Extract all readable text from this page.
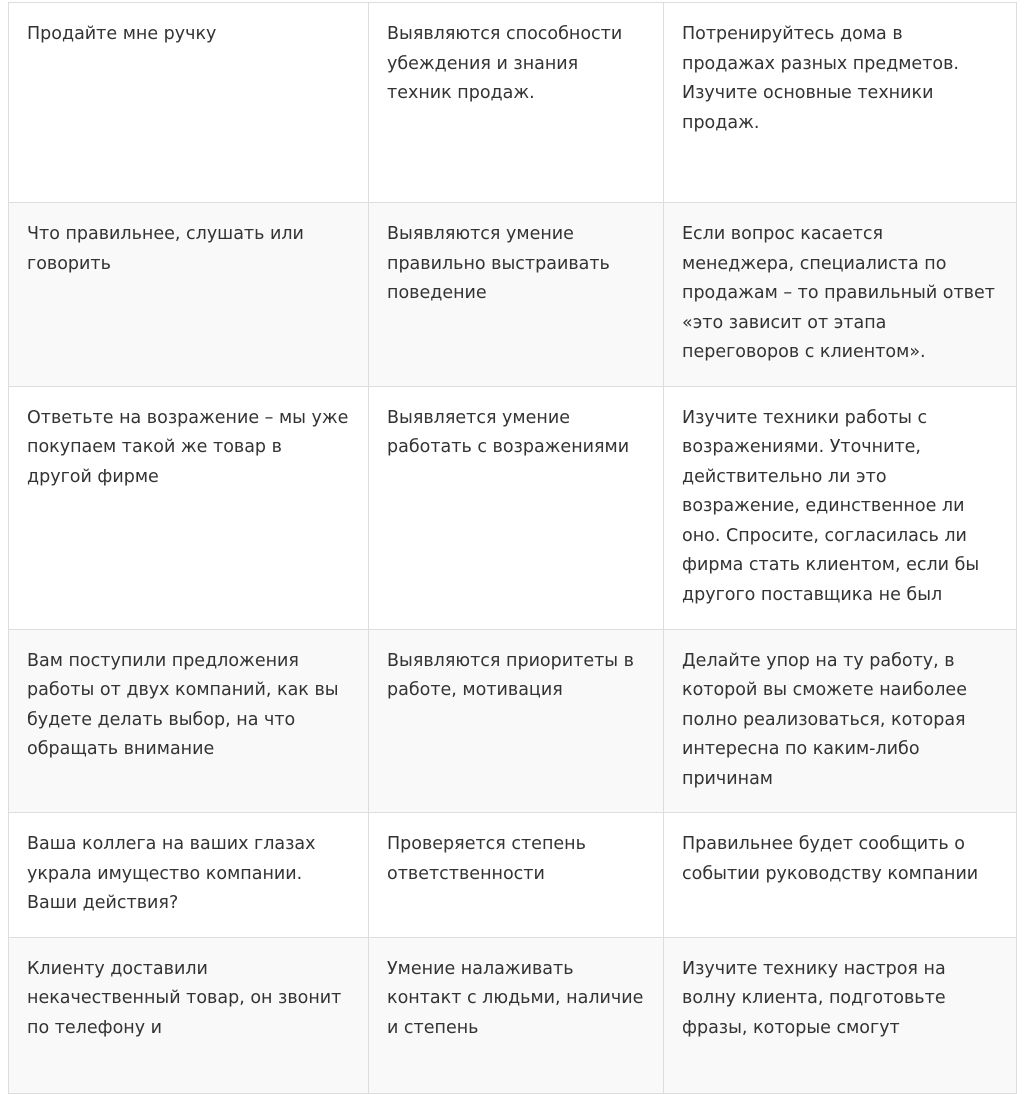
Продайте мне ручку	Выявляются способности убеждения и знания техник продаж.	Потренируйтесь дома в продажах разных предметов. Изучите основные техники продаж.
Что правильнее, слушать или говорить	Выявляются умение правильно выстраивать поведение	Если вопрос касается менеджера, специалиста по продажам – то правильный ответ «это зависит от этапа переговоров с клиентом».
Ответьте на возражение – мы уже покупаем такой же товар в другой фирме	Выявляется умение работать с возражениями	Изучите техники работы с возражениями. Уточните, действительно ли это возражение, единственное ли оно. Спросите, согласилась ли фирма стать клиентом, если бы другого поставщика не был
Вам поступили предложения работы от двух компаний, как вы будете делать выбор, на что обращать внимание	Выявляются приоритеты в работе, мотивация	Делайте упор на ту работу, в которой вы сможете наиболее полно реализоваться, которая интересна по каким-либо причинам
Ваша коллега на ваших глазах украла имущество компании. Ваши действия?	Проверяется степень ответственности	Правильнее будет сообщить о событии руководству компании
Клиенту доставили некачественный товар, он звонит по телефону и	Умение налаживать контакт с людьми, наличие и степень	Изучите технику настроя на волну клиента, подготовьте фразы, которые смогут
